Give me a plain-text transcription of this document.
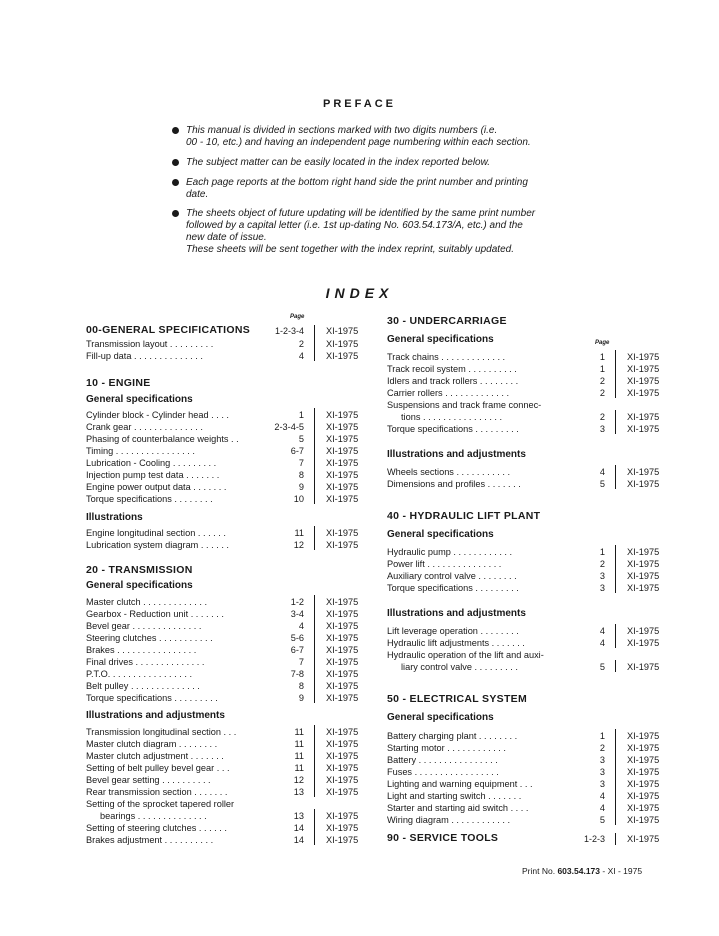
PREFACE
This manual is divided in sections marked with two digits numbers (i.e.
00 - 10, etc.) and having an independent page numbering within each section.
The subject matter can be easily located in the index reported below.
Each page reports at the bottom right hand side the print number and printing
date.
The sheets object of future updating will be identified by the same print number
followed by a capital letter (i.e. 1st up-dating No. 603.54.173/A, etc.) and the
new date of issue.
These sheets will be sent together with the index reprint, suitably updated.
INDEX
Page
00-GENERAL SPECIFICATIONS	1-2-3-4 XI-1975
Transmission layout . . . . . . . . .	2 XI-1975
Fill-up data . . . . . . . . . . . . . .	4 XI-1975
10 - ENGINE
General specifications
Cylinder block - Cylinder head . . . .	1 XI-1975
Crank gear . . . . . . . . . . . . . .	2-3-4-5 XI-1975
Phasing of counterbalance weights . .	5 XI-1975
Timing . . . . . . . . . . . . . . . .	6-7 XI-1975
Lubrication - Cooling . . . . . . . . .	7 XI-1975
Injection pump test data . . . . . . .	8 XI-1975
Engine power output data . . . . . . .	9 XI-1975
Torque specifications . . . . . . . .	10 XI-1975
Illustrations
Engine longitudinal section . . . . . .	11 XI-1975
Lubrication system diagram . . . . . .	12 XI-1975
20 - TRANSMISSION
General specifications
Master clutch . . . . . . . . . . . . .	1-2 XI-1975
Gearbox - Reduction unit . . . . . . .	3-4 XI-1975
Bevel gear . . . . . . . . . . . . . .	4 XI-1975
Steering clutches . . . . . . . . . . .	5-6 XI-1975
Brakes . . . . . . . . . . . . . . . .	6-7 XI-1975
Final drives . . . . . . . . . . . . . .	7 XI-1975
P.T.O. . . . . . . . . . . . . . . . .	7-8 XI-1975
Belt pulley . . . . . . . . . . . . . .	8 XI-1975
Torque specifications . . . . . . . . .	9 XI-1975
Illustrations and adjustments
Transmission longitudinal section . . .	11 XI-1975
Master clutch diagram . . . . . . . .	11 XI-1975
Master clutch adjustment . . . . . . .	11 XI-1975
Setting of belt pulley bevel gear . . .	11 XI-1975
Bevel gear setting . . . . . . . . . .	12 XI-1975
Rear transmission section . . . . . . .	13 XI-1975
Setting of the sprocket tapered roller
bearings . . . . . . . . . . . . . .	13 XI-1975
Setting of steering clutches . . . . . .	14 XI-1975
Brakes adjustment . . . . . . . . . .	14 XI-1975
30 - UNDERCARRIAGE
General specifications	Page
Track chains . . . . . . . . . . . . .	1 XI-1975
Track recoil system . . . . . . . . . .	1 XI-1975
Idlers and track rollers . . . . . . . .	2 XI-1975
Carrier rollers . . . . . . . . . . . . .	2 XI-1975
Suspensions and track frame connec-
tions . . . . . . . . . . . . . . . .	2 XI-1975
Torque specifications . . . . . . . . .	3 XI-1975
Illustrations and adjustments
Wheels sections . . . . . . . . . . .	4 XI-1975
Dimensions and profiles . . . . . . .	5 XI-1975
40 - HYDRAULIC LIFT PLANT
General specifications
Hydraulic pump . . . . . . . . . . . .	1 XI-1975
Power lift . . . . . . . . . . . . . . .	2 XI-1975
Auxiliary control valve . . . . . . . .	3 XI-1975
Torque specifications . . . . . . . . .	3 XI-1975
Illustrations and adjustments
Lift leverage operation . . . . . . . .	4 XI-1975
Hydraulic lift adjustments . . . . . . .	4 XI-1975
Hydraulic operation of the lift and auxi-
liary control valve . . . . . . . . .	5 XI-1975
50 - ELECTRICAL SYSTEM
General specifications
Battery charging plant . . . . . . . .	1 XI-1975
Starting motor . . . . . . . . . . . .	2 XI-1975
Battery . . . . . . . . . . . . . . . .	3 XI-1975
Fuses . . . . . . . . . . . . . . . . .	3 XI-1975
Lighting and warning equipment . . .	3 XI-1975
Light and starting switch . . . . . . .	4 XI-1975
Starter and starting aid switch . . . .	4 XI-1975
Wiring diagram . . . . . . . . . . . .	5 XI-1975
90 - SERVICE TOOLS	1-2-3 XI-1975
Print No. 603.54.173 - XI - 1975
